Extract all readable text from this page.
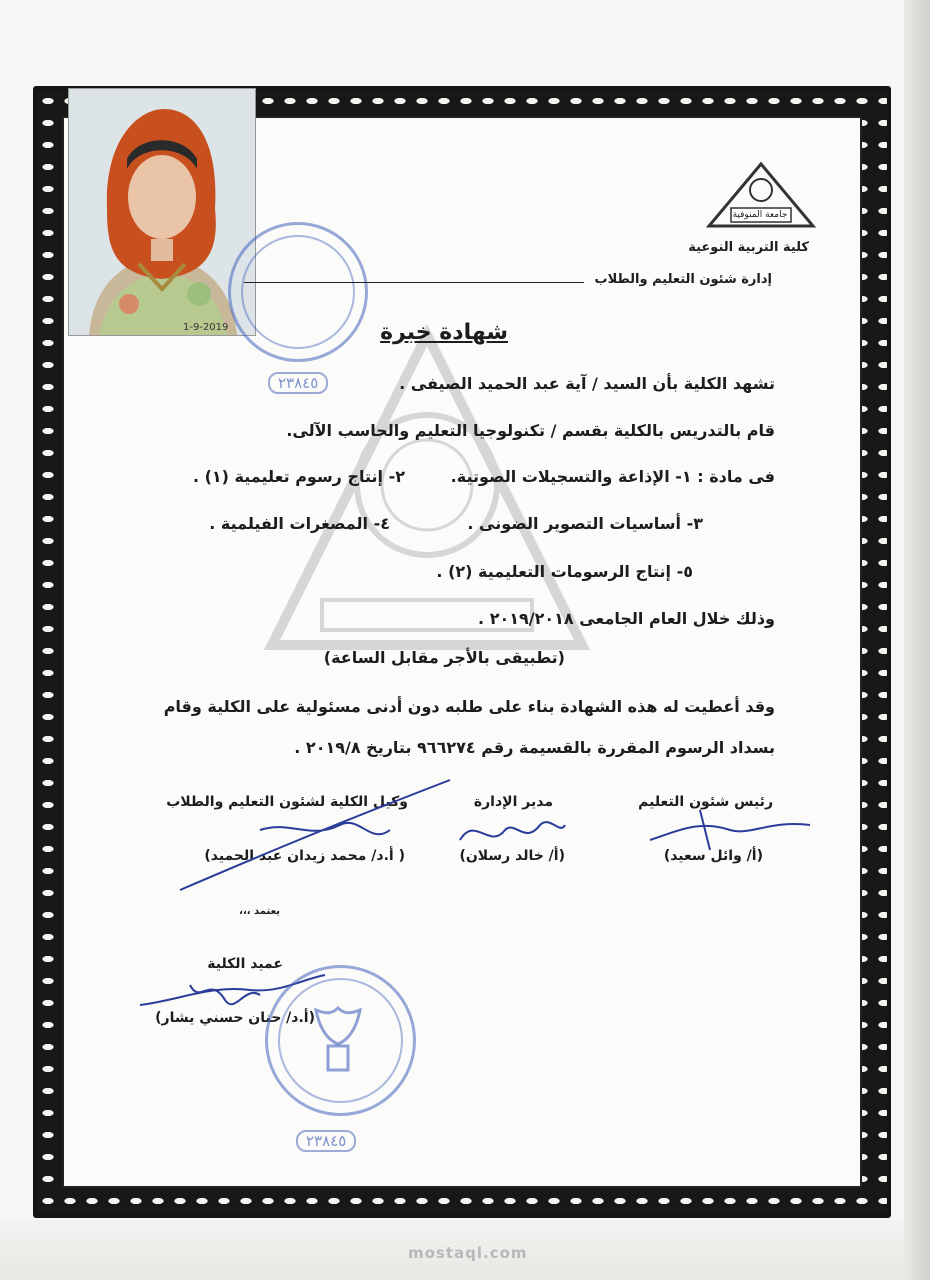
1-9-2019
٢٣٨٤٥
جامعة المنوفية
كلية التربية النوعية
إدارة شئون التعليم والطلاب
شهادة خبرة
تشهد الكلية بأن السيد / آية عبد الحميد الصيفى .
قام بالتدريس بالكلية بقسم / تكنولوجيا التعليم والحاسب الآلى.
فى مادة : ١- الإذاعة والتسجيلات الصوتية.
٢- إنتاج رسوم تعليمية (١) .
٣- أساسيات التصوير الضونى .
٤- المصغرات الفيلمية .
٥- إنتاج الرسومات التعليمية (٢) .
وذلك خلال العام الجامعى ٢٠١٩/٢٠١٨ .
(تطبيقى بالأجر مقابل الساعة)
وقد أعطيت له هذه الشهادة بناء على طلبه دون أدنى مسئولية على الكلية وقام
بسداد الرسوم المقررة بالقسيمة رقم ٩٦٦٢٧٤ بتاريخ ٢٠١٩/٨ .
رئيس شئون التعليم
مدير الإدارة
وكيل الكلية لشئون التعليم والطلاب
(أ/ وائل سعيد)
(أ/ خالد رسلان)
( أ.د/ محمد زيدان عبد الحميد)
يعتمد ،،،
عميد الكلية
(أ.د/ حنان حسني يشار)
٢٣٨٤٥
mostaql.com
